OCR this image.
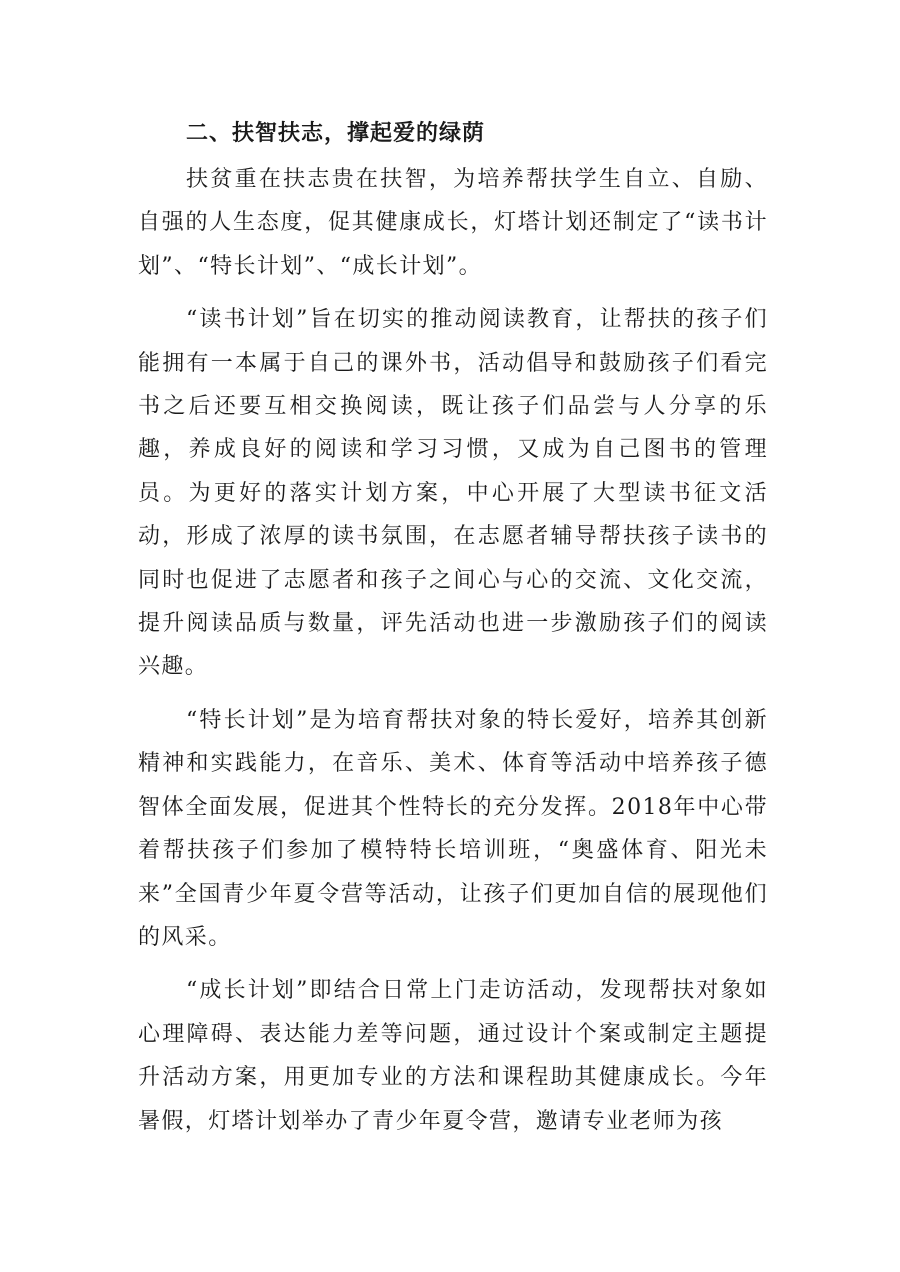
二、扶智扶志，撑起爱的绿荫

扶贫重在扶志贵在扶智，为培养帮扶学生自立、自励、自强的人生态度，促其健康成长，灯塔计划还制定了“读书计划”、“特长计划”、“成长计划”。

“读书计划”旨在切实的推动阅读教育，让帮扶的孩子们能拥有一本属于自己的课外书，活动倡导和鼓励孩子们看完书之后还要互相交换阅读，既让孩子们品尝与人分享的乐趣，养成良好的阅读和学习习惯，又成为自己图书的管理员。为更好的落实计划方案，中心开展了大型读书征文活动，形成了浓厚的读书氛围，在志愿者辅导帮扶孩子读书的同时也促进了志愿者和孩子之间心与心的交流、文化交流，提升阅读品质与数量，评先活动也进一步激励孩子们的阅读兴趣。

“特长计划”是为培育帮扶对象的特长爱好，培养其创新精神和实践能力，在音乐、美术、体育等活动中培养孩子德智体全面发展，促进其个性特长的充分发挥。2018年中心带着帮扶孩子们参加了模特特长培训班，“奥盛体育、阳光未来”全国青少年夏令营等活动，让孩子们更加自信的展现他们的风采。

“成长计划”即结合日常上门走访活动，发现帮扶对象如心理障碍、表达能力差等问题，通过设计个案或制定主题提升活动方案，用更加专业的方法和课程助其健康成长。今年暑假，灯塔计划举办了青少年夏令营，邀请专业老师为孩
